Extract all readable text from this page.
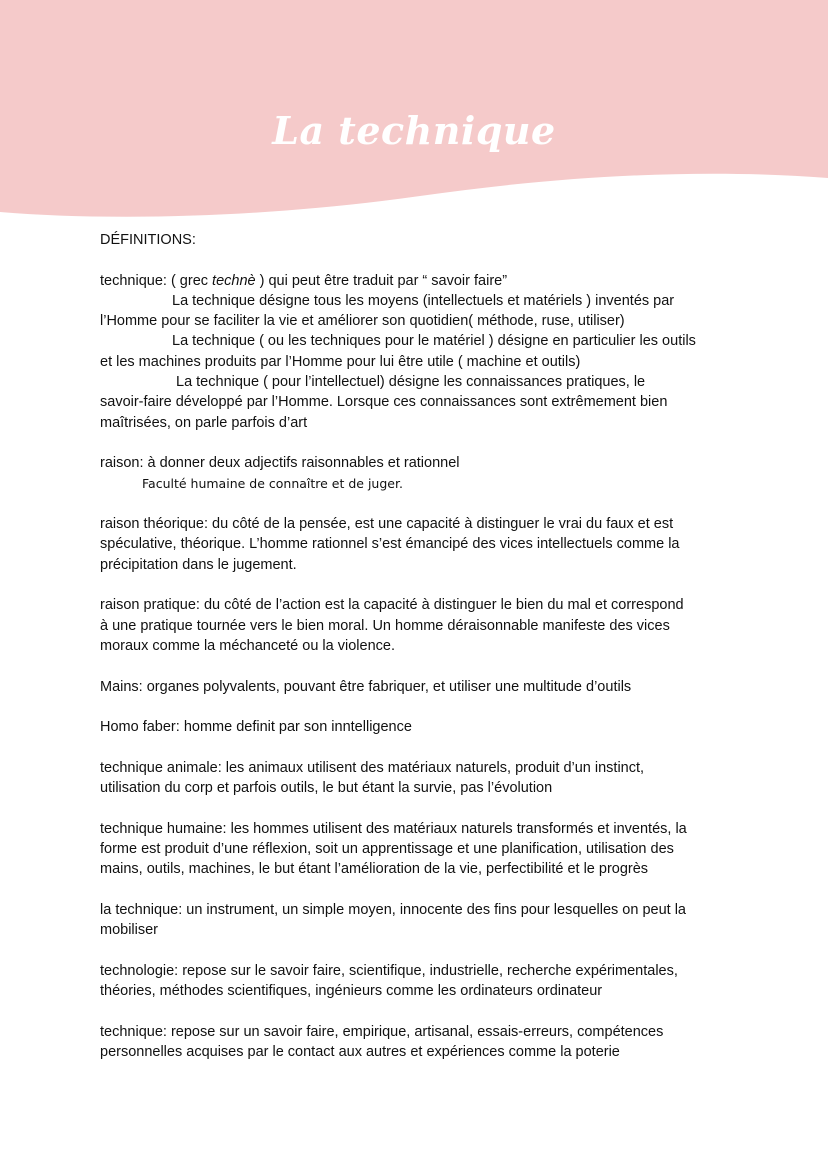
La technique

DÉFINITIONS:

technique: ( grec technè ) qui peut être traduit par “ savoir faire”

La technique désigne tous les moyens (intellectuels et matériels ) inventés par

l’Homme pour se faciliter la vie et améliorer son quotidien( méthode, ruse, utiliser)

La technique ( ou les techniques pour le matériel ) désigne en particulier les outils

et les machines produits par l’Homme pour lui être utile ( machine et outils)

La technique ( pour l’intellectuel) désigne les connaissances pratiques, le

savoir-faire développé par l’Homme. Lorsque ces connaissances sont extrêmement bien

maîtrisées, on parle parfois d’art

raison: à donner deux adjectifs raisonnables et rationnel

Faculté humaine de connaître et de juger.

raison théorique: du côté de la pensée, est une capacité à distinguer le vrai du faux et est

spéculative, théorique. L’homme rationnel s’est émancipé des vices intellectuels comme la

précipitation dans le jugement.

raison pratique: du côté de l’action est la capacité à distinguer le bien du mal et correspond

à une pratique tournée vers le bien moral. Un homme déraisonnable manifeste des vices

moraux comme la méchanceté ou la violence.

Mains: organes polyvalents, pouvant être fabriquer, et utiliser une multitude d’outils

Homo faber: homme definit par son inntelligence

technique animale: les animaux utilisent des matériaux naturels, produit d’un instinct,

utilisation du corp et parfois outils, le but étant la survie, pas l’évolution

technique humaine: les hommes utilisent des matériaux naturels transformés et inventés, la

forme est produit d’une réflexion, soit un apprentissage et une planification, utilisation des

mains, outils, machines, le but étant l’amélioration de la vie, perfectibilité et le progrès

la technique: un instrument, un simple moyen, innocente des fins pour lesquelles on peut la

mobiliser

technologie: repose sur le savoir faire, scientifique, industrielle, recherche expérimentales,

théories, méthodes scientifiques, ingénieurs comme les ordinateurs ordinateur

technique: repose sur un savoir faire, empirique, artisanal, essais-erreurs, compétences

personnelles acquises par le contact aux autres et expériences comme la poterie
